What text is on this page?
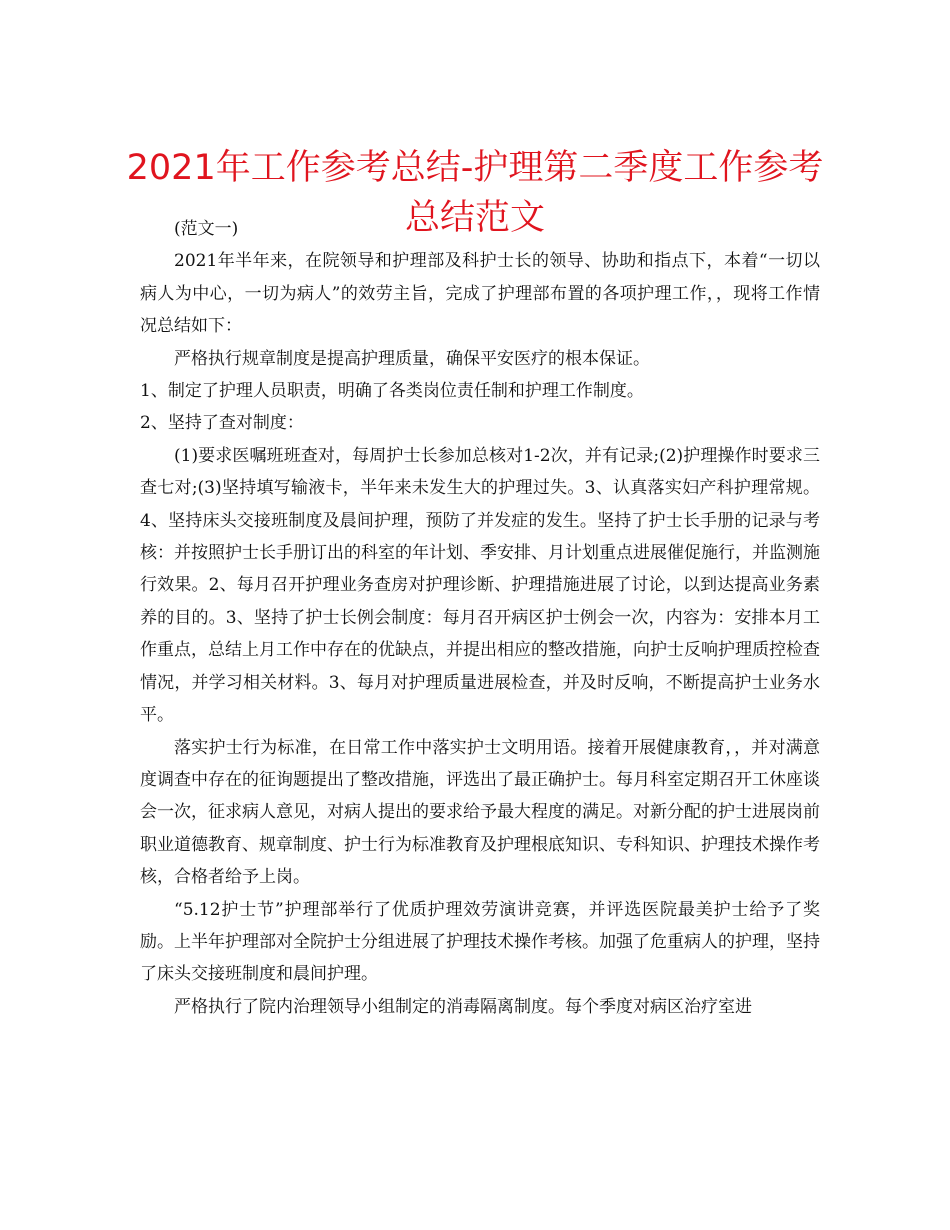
2021年工作参考总结-护理第二季度工作参考总结范文

(范文一)

2021年半年来，在院领导和护理部及科护士长的领导、协助和指点下，本着“一切以病人为中心，一切为病人”的效劳主旨，完成了护理部布置的各项护理工作，，现将工作情况总结如下：

严格执行规章制度是提高护理质量，确保平安医疗的根本保证。

1、制定了护理人员职责，明确了各类岗位责任制和护理工作制度。

2、坚持了查对制度：

(1)要求医嘱班班查对，每周护士长参加总核对1-2次，并有记录;(2)护理操作时要求三查七对;(3)坚持填写输液卡，半年来未发生大的护理过失。3、认真落实妇产科护理常规。4、坚持床头交接班制度及晨间护理，预防了并发症的发生。坚持了护士长手册的记录与考核：并按照护士长手册订出的科室的年计划、季安排、月计划重点进展催促施行，并监测施行效果。2、每月召开护理业务查房对护理诊断、护理措施进展了讨论，以到达提高业务素养的目的。3、坚持了护士长例会制度：每月召开病区护士例会一次，内容为：安排本月工作重点，总结上月工作中存在的优缺点，并提出相应的整改措施，向护士反响护理质控检查情况，并学习相关材料。3、每月对护理质量进展检查，并及时反响，不断提高护士业务水平。

落实护士行为标准，在日常工作中落实护士文明用语。接着开展健康教育，，并对满意度调查中存在的征询题提出了整改措施，评选出了最正确护士。每月科室定期召开工休座谈会一次，征求病人意见，对病人提出的要求给予最大程度的满足。对新分配的护士进展岗前职业道德教育、规章制度、护士行为标准教育及护理根底知识、专科知识、护理技术操作考核，合格者给予上岗。

“5.12护士节”护理部举行了优质护理效劳演讲竞赛，并评选医院最美护士给予了奖励。上半年护理部对全院护士分组进展了护理技术操作考核。加强了危重病人的护理，坚持了床头交接班制度和晨间护理。

严格执行了院内治理领导小组制定的消毒隔离制度。每个季度对病区治疗室进
